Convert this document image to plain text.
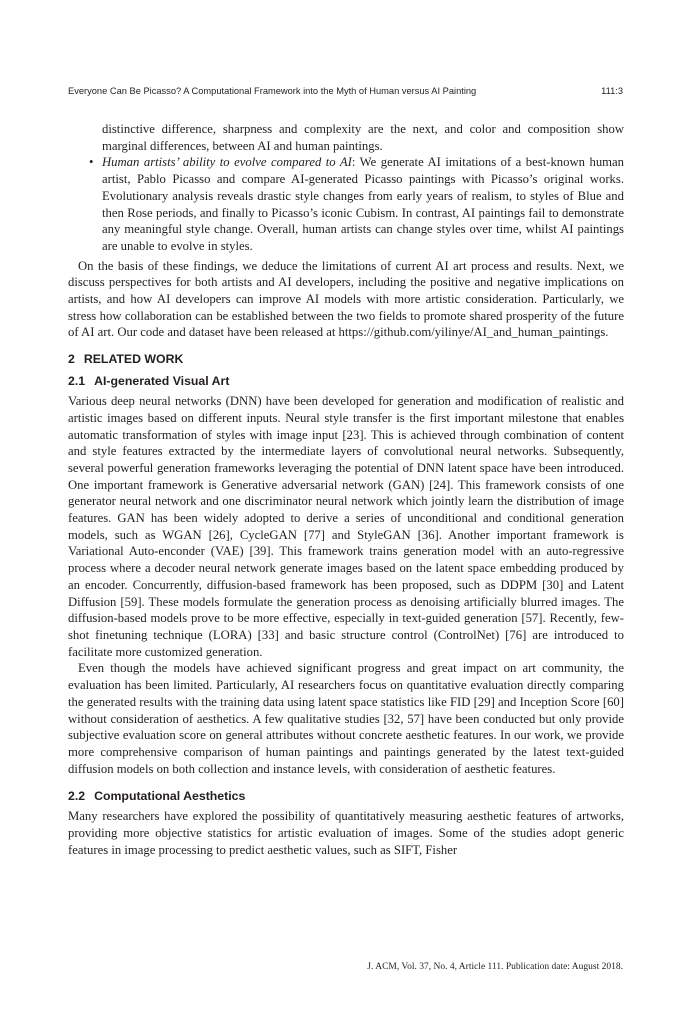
Everyone Can Be Picasso? A Computational Framework into the Myth of Human versus AI Painting	111:3

distinctive difference, sharpness and complexity are the next, and color and composition show marginal differences, between AI and human paintings.

• Human artists’ ability to evolve compared to AI: We generate AI imitations of a best-known human artist, Pablo Picasso and compare AI-generated Picasso paintings with Picasso’s original works. Evolutionary analysis reveals drastic style changes from early years of realism, to styles of Blue and then Rose periods, and finally to Picasso’s iconic Cubism. In contrast, AI paintings fail to demonstrate any meaningful style change. Overall, human artists can change styles over time, whilst AI paintings are unable to evolve in styles.

On the basis of these findings, we deduce the limitations of current AI art process and results. Next, we discuss perspectives for both artists and AI developers, including the positive and negative implications on artists, and how AI developers can improve AI models with more artistic consideration. Particularly, we stress how collaboration can be established between the two fields to promote shared prosperity of the future of AI art. Our code and dataset have been released at https://github.com/yilinye/AI_and_human_paintings.

2 RELATED WORK
2.1 AI-generated Visual Art

Various deep neural networks (DNN) have been developed for generation and modification of realistic and artistic images based on different inputs. Neural style transfer is the first important milestone that enables automatic transformation of styles with image input [23]. This is achieved through combination of content and style features extracted by the intermediate layers of convolutional neural networks. Subsequently, several powerful generation frameworks leveraging the potential of DNN latent space have been introduced. One important framework is Generative adversarial network (GAN) [24]. This framework consists of one generator neural network and one discriminator neural network which jointly learn the distribution of image features. GAN has been widely adopted to derive a series of unconditional and conditional generation models, such as WGAN [26], CycleGAN [77] and StyleGAN [36]. Another important framework is Variational Auto-enconder (VAE) [39]. This framework trains generation model with an auto-regressive process where a decoder neural network generate images based on the latent space embedding produced by an encoder. Concurrently, diffusion-based framework has been proposed, such as DDPM [30] and Latent Diffusion [59]. These models formulate the generation process as denoising artificially blurred images. The diffusion-based models prove to be more effective, especially in text-guided generation [57]. Recently, few-shot finetuning technique (LORA) [33] and basic structure control (ControlNet) [76] are introduced to facilitate more customized generation.

Even though the models have achieved significant progress and great impact on art community, the evaluation has been limited. Particularly, AI researchers focus on quantitative evaluation directly comparing the generated results with the training data using latent space statistics like FID [29] and Inception Score [60] without consideration of aesthetics. A few qualitative studies [32, 57] have been conducted but only provide subjective evaluation score on general attributes without concrete aesthetic features. In our work, we provide more comprehensive comparison of human paintings and paintings generated by the latest text-guided diffusion models on both collection and instance levels, with consideration of aesthetic features.

2.2 Computational Aesthetics

Many researchers have explored the possibility of quantitatively measuring aesthetic features of artworks, providing more objective statistics for artistic evaluation of images. Some of the studies adopt generic features in image processing to predict aesthetic values, such as SIFT, Fisher

J. ACM, Vol. 37, No. 4, Article 111. Publication date: August 2018.
